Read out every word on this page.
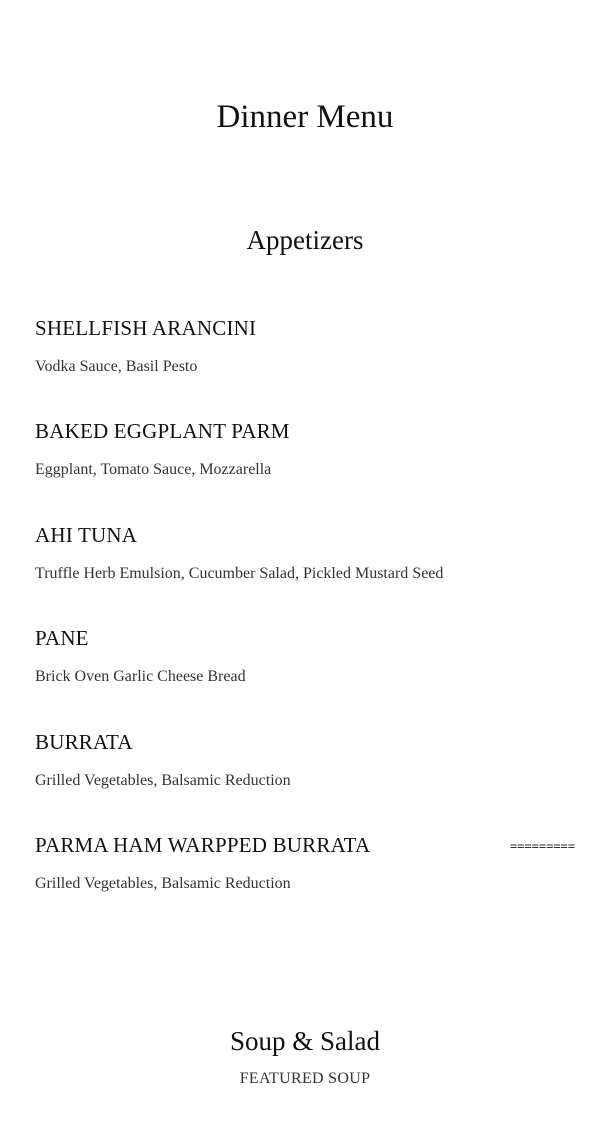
Dinner Menu
Appetizers
SHELLFISH ARANCINI
Vodka Sauce, Basil Pesto
BAKED EGGPLANT PARM
Eggplant, Tomato Sauce, Mozzarella
AHI TUNA
Truffle Herb Emulsion, Cucumber Salad, Pickled Mustard Seed
PANE
Brick Oven Garlic Cheese Bread
BURRATA
Grilled Vegetables, Balsamic Reduction
PARMA HAM WARPPED BURRATA	=========
Grilled Vegetables, Balsamic Reduction
Soup & Salad
FEATURED SOUP
